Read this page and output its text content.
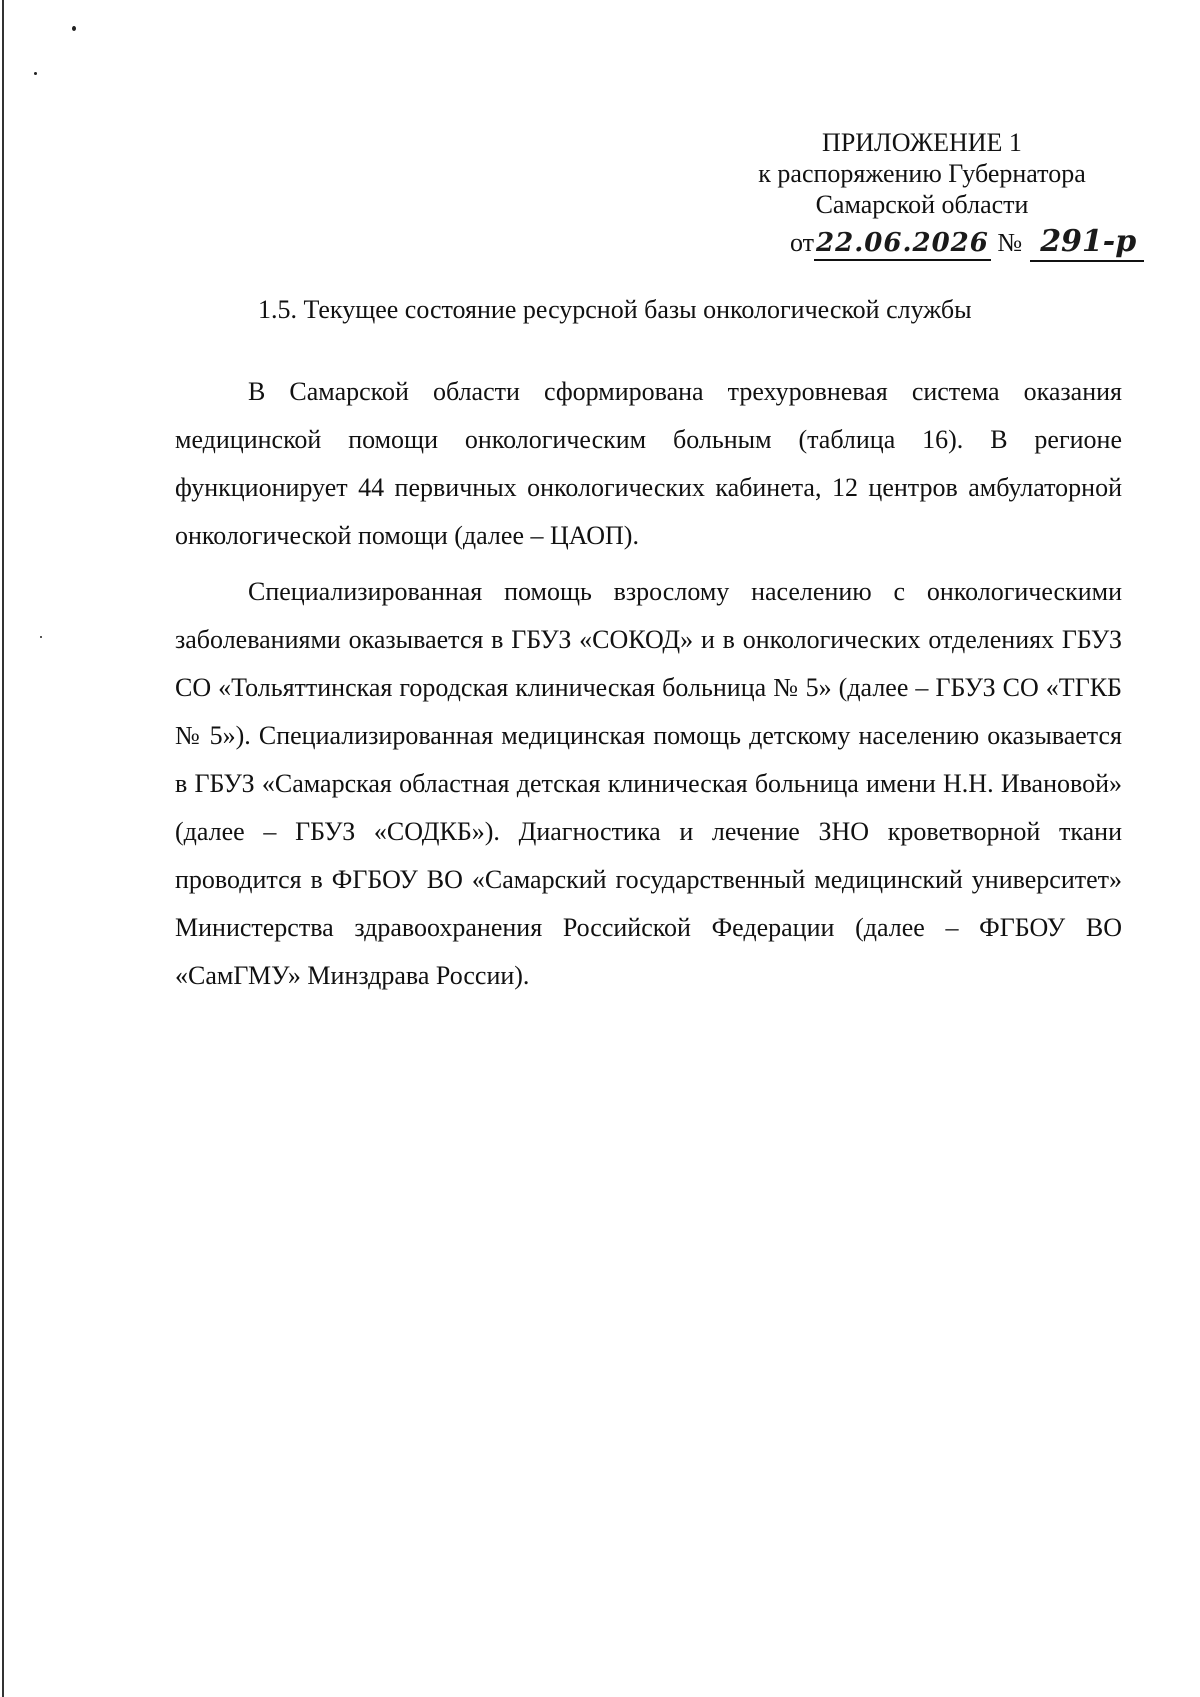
ПРИЛОЖЕНИЕ 1
к распоряжению Губернатора
Самарской области
от22.06.2026 № 291-р
1.5. Текущее состояние ресурсной базы онкологической службы

В Самарской области сформирована трехуровневая система оказания медицинской помощи онкологическим больным (таблица 16). В регионе функционирует 44 первичных онкологических кабинета, 12 центров амбулаторной онкологической помощи (далее – ЦАОП).

Специализированная помощь взрослому населению с онкологическими заболеваниями оказывается в ГБУЗ «СОКОД» и в онкологических отделениях ГБУЗ СО «Тольяттинская городская клиническая больница № 5» (далее – ГБУЗ СО «ТГКБ № 5»). Специализированная медицинская помощь детскому населению оказывается в ГБУЗ «Самарская областная детская клиническая больница имени Н.Н. Ивановой» (далее – ГБУЗ «СОДКБ»). Диагностика и лечение ЗНО кроветворной ткани проводится в ФГБОУ ВО «Самарский государственный медицинский университет» Министерства здравоохранения Российской Федерации (далее – ФГБОУ ВО «СамГМУ» Минздрава России).
